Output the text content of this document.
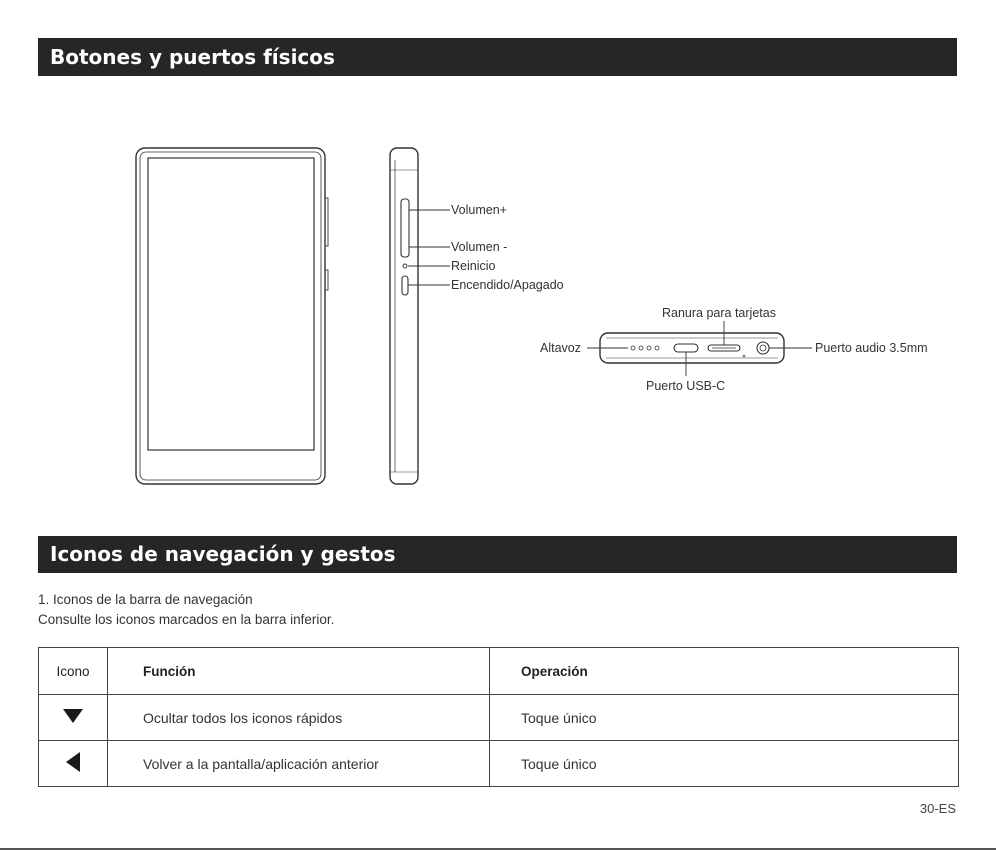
Botones y puertos físicos
Volumen+
Volumen -
Reinicio
Encendido/Apagado
Altavoz
Ranura para tarjetas
Puerto audio 3.5mm
Puerto USB-C
Iconos de navegación y gestos
1. Iconos de la barra de navegación
Consulte los iconos marcados en la barra inferior.
Icono	Función	Operación
	Ocultar todos los iconos rápidos	Toque único
	Volver a la pantalla/aplicación anterior	Toque único
30-ES
